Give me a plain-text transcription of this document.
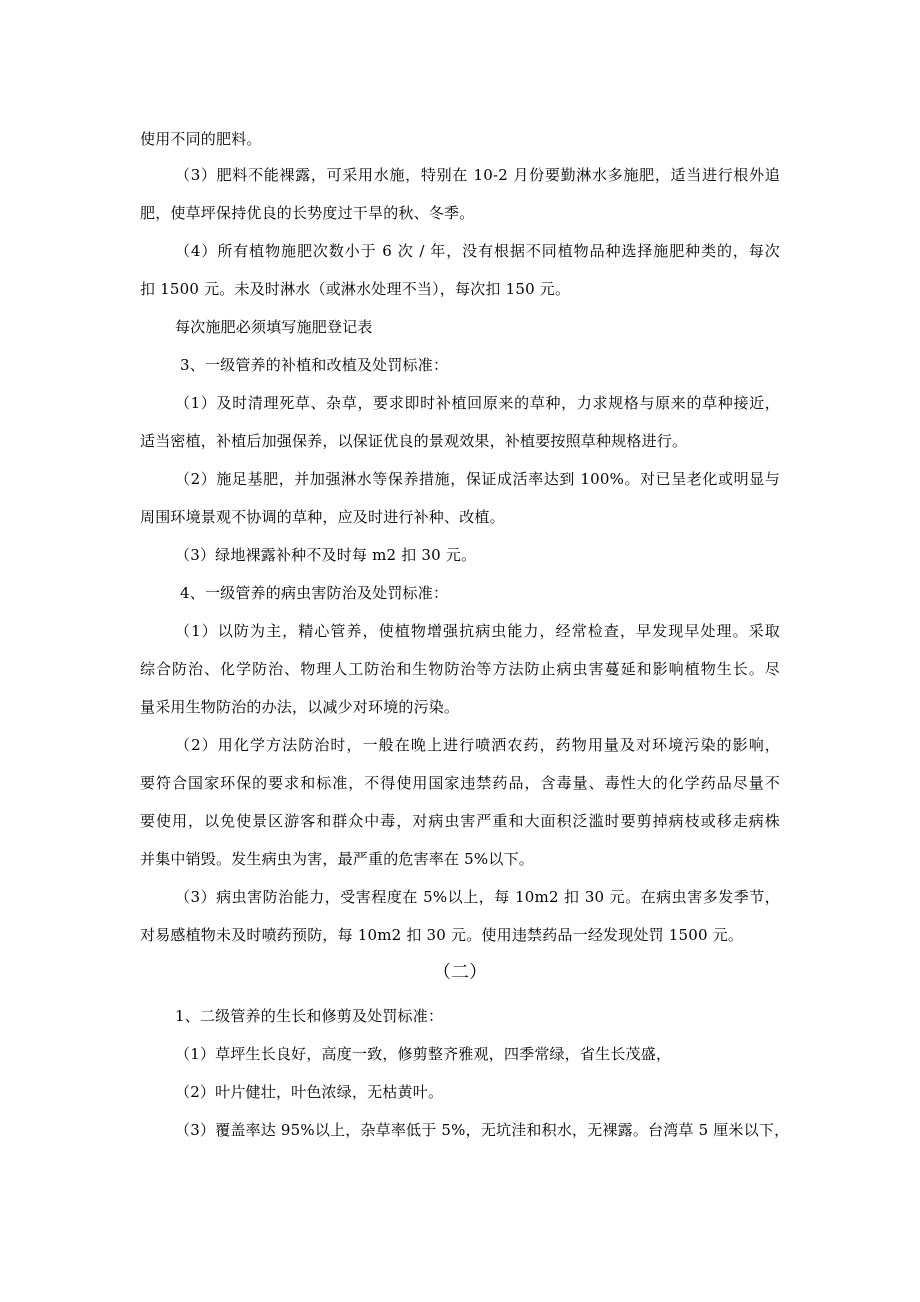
使用不同的肥料。
（3）肥料不能裸露，可采用水施，特别在 10-2 月份要勤淋水多施肥，适当进行根外追
肥，使草坪保持优良的长势度过干旱的秋、冬季。
（4）所有植物施肥次数小于 6 次 / 年，没有根据不同植物品种选择施肥种类的，每次
扣 1500 元。未及时淋水（或淋水处理不当），每次扣 150 元。
每次施肥必须填写施肥登记表
3、一级管养的补植和改植及处罚标准：
（1）及时清理死草、杂草，要求即时补植回原来的草种，力求规格与原来的草种接近，
适当密植，补植后加强保养，以保证优良的景观效果，补植要按照草种规格进行。
（2）施足基肥，并加强淋水等保养措施，保证成活率达到 100%。对已呈老化或明显与
周围环境景观不协调的草种，应及时进行补种、改植。
（3）绿地裸露补种不及时每 m2 扣 30 元。
4、一级管养的病虫害防治及处罚标准：
（1）以防为主，精心管养，使植物增强抗病虫能力，经常检查，早发现早处理。采取
综合防治、化学防治、物理人工防治和生物防治等方法防止病虫害蔓延和影响植物生长。尽
量采用生物防治的办法，以减少对环境的污染。
（2）用化学方法防治时，一般在晚上进行喷洒农药，药物用量及对环境污染的影响，
要符合国家环保的要求和标准，不得使用国家违禁药品，含毒量、毒性大的化学药品尽量不
要使用，以免使景区游客和群众中毒，对病虫害严重和大面积泛滥时要剪掉病枝或移走病株
并集中销毁。发生病虫为害，最严重的危害率在 5%以下。
（3）病虫害防治能力，受害程度在 5%以上，每 10m2 扣 30 元。在病虫害多发季节，
对易感植物未及时喷药预防，每 10m2 扣 30 元。使用违禁药品一经发现处罚 1500 元。
（二）
1、二级管养的生长和修剪及处罚标准：
（1）草坪生长良好，高度一致，修剪整齐雅观，四季常绿，省生长茂盛，
（2）叶片健壮，叶色浓绿，无枯黄叶。
（3）覆盖率达 95%以上，杂草率低于 5%，无坑洼和积水，无裸露。台湾草 5 厘米以下，
